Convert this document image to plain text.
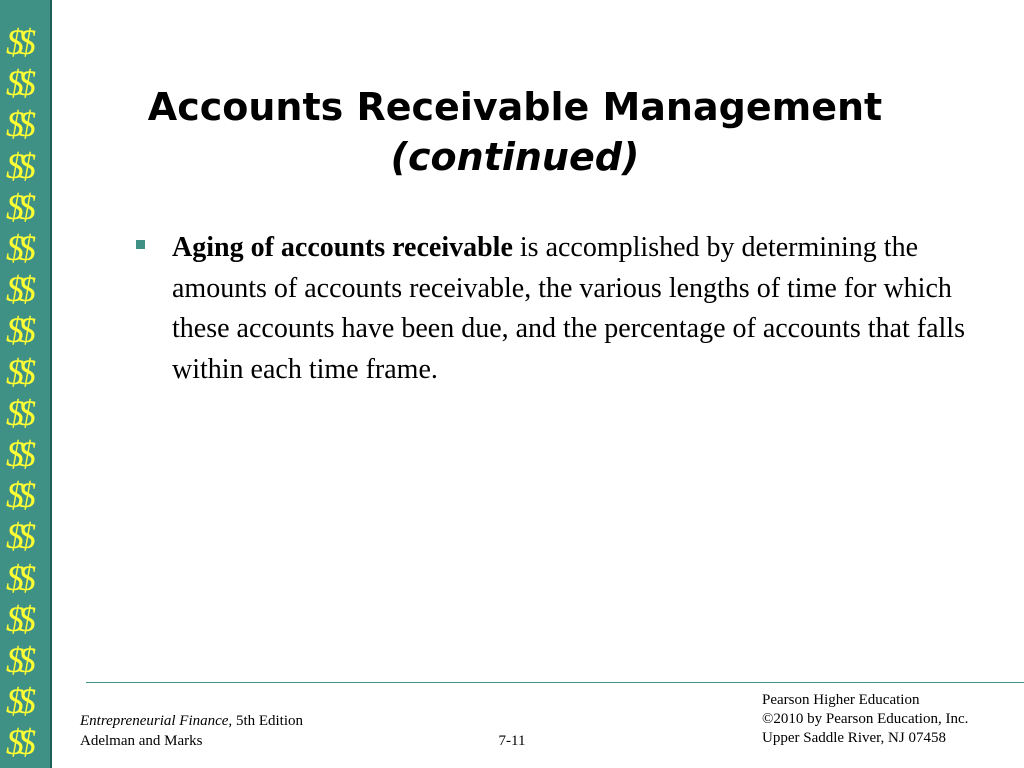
$$
$$
$$
$$
$$
$$
$$
$$
$$
$$
$$
$$
$$
$$
$$
$$
$$
$$
Accounts Receivable Management
(continued)
Aging of accounts receivable is accomplished by determining the amounts of accounts receivable, the various lengths of time for which these accounts have been due, and the percentage of accounts that falls within each time frame.
Entrepreneurial Finance, 5th Edition
Adelman and Marks	7-11
Pearson Higher Education
©2010 by Pearson Education, Inc.
Upper Saddle River, NJ 07458
